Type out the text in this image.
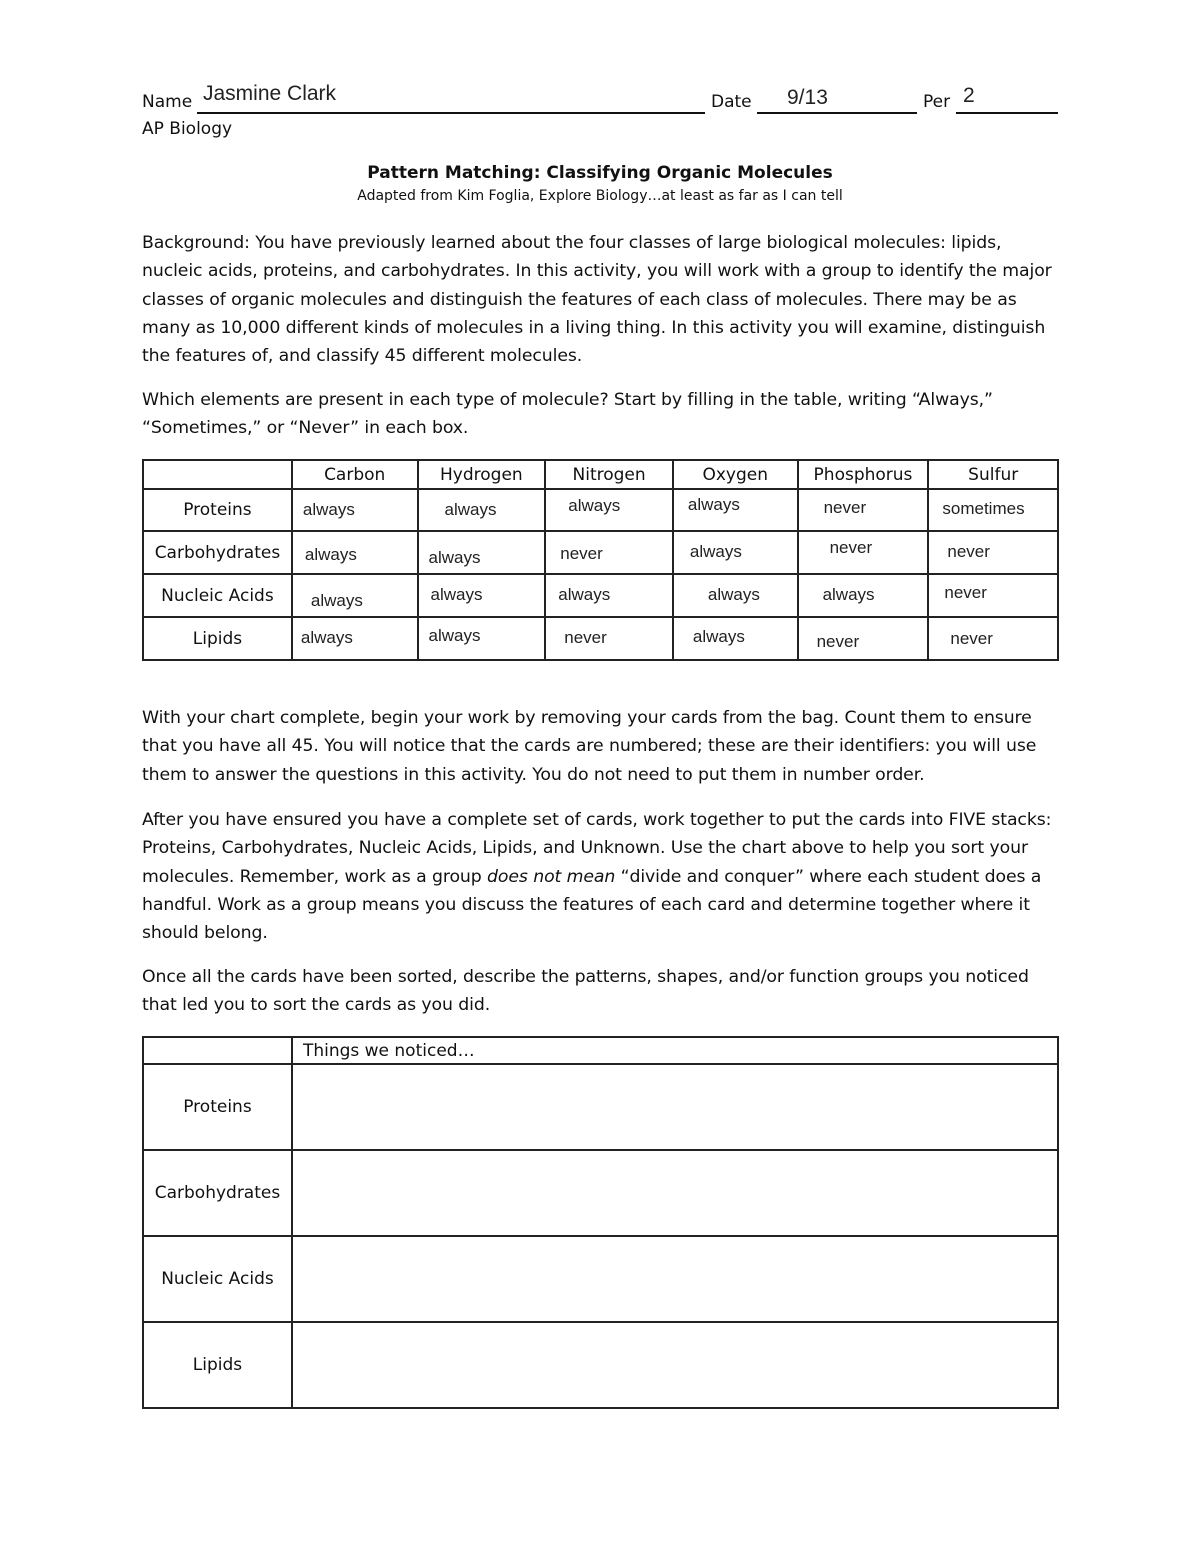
Name Jasmine Clark	Date 9/13	Per 2
AP Biology
Pattern Matching: Classifying Organic Molecules
Adapted from Kim Foglia, Explore Biology…at least as far as I can tell

Background: You have previously learned about the four classes of large biological molecules: lipids, nucleic acids, proteins, and carbohydrates. In this activity, you will work with a group to identify the major classes of organic molecules and distinguish the features of each class of molecules. There may be as many as 10,000 different kinds of molecules in a living thing. In this activity you will examine, distinguish the features of, and classify 45 different molecules.

Which elements are present in each type of molecule? Start by filling in the table, writing “Always,” “Sometimes,” or “Never” in each box.

	Carbon	Hydrogen	Nitrogen	Oxygen	Phosphorus	Sulfur
Proteins	always	always	always	always	never	sometimes

Carbohydrates	always	always	never	always	never	never

Nucleic Acids	always	always	always	always	always	never

Lipids	always	always	never	always	never	never

With your chart complete, begin your work by removing your cards from the bag. Count them to ensure that you have all 45. You will notice that the cards are numbered; these are their identifiers: you will use them to answer the questions in this activity. You do not need to put them in number order.

After you have ensured you have a complete set of cards, work together to put the cards into FIVE stacks: Proteins, Carbohydrates, Nucleic Acids, Lipids, and Unknown. Use the chart above to help you sort your molecules. Remember, work as a group does not mean “divide and conquer” where each student does a handful. Work as a group means you discuss the features of each card and determine together where it should belong.

Once all the cards have been sorted, describe the patterns, shapes, and/or function groups you noticed that led you to sort the cards as you did.

	Things we noticed…
Proteins	
Carbohydrates	
Nucleic Acids	
Lipids	
